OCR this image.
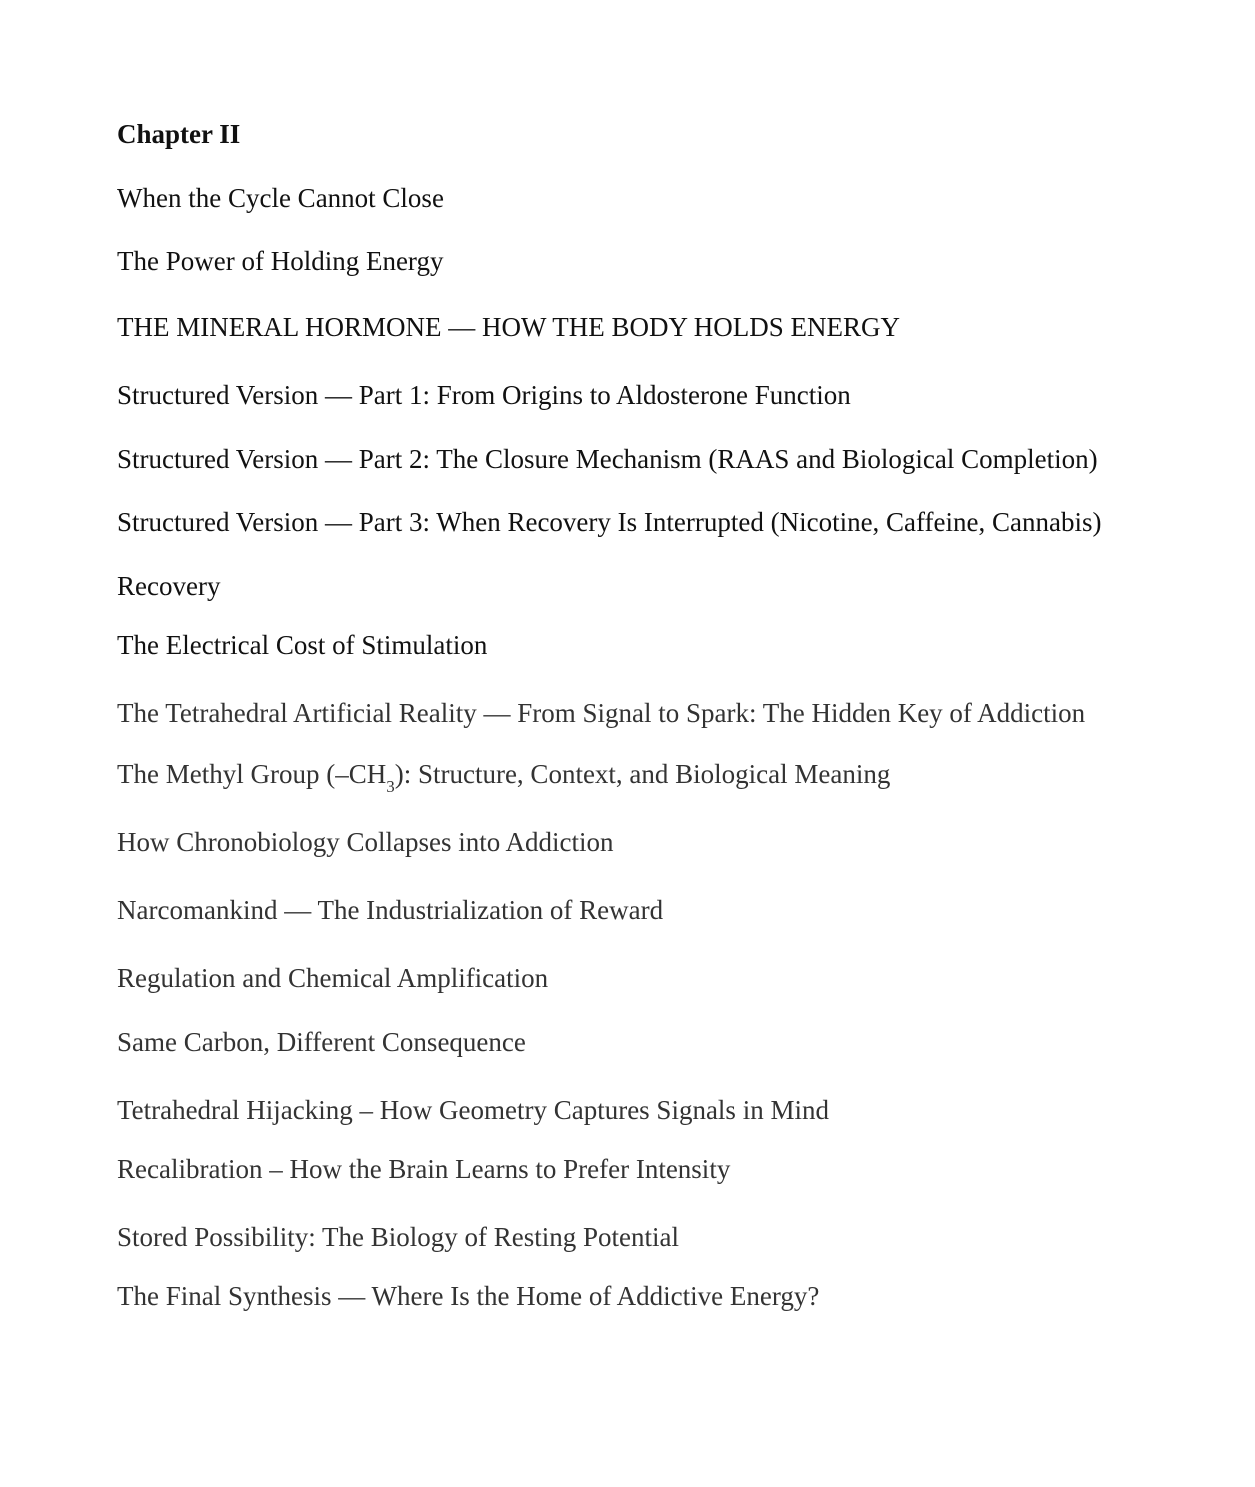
Chapter II

When the Cycle Cannot Close

The Power of Holding Energy

THE MINERAL HORMONE — HOW THE BODY HOLDS ENERGY

Structured Version — Part 1: From Origins to Aldosterone Function

Structured Version — Part 2: The Closure Mechanism (RAAS and Biological Completion)

Structured Version — Part 3: When Recovery Is Interrupted (Nicotine, Caffeine, Cannabis)

Recovery

The Electrical Cost of Stimulation

The Tetrahedral Artificial Reality — From Signal to Spark: The Hidden Key of Addiction

The Methyl Group $(-CH_3)$: Structure, Context, and Biological Meaning

How Chronobiology Collapses into Addiction

Narcomankind — The Industrialization of Reward

Regulation and Chemical Amplification

Same Carbon, Different Consequence

Tetrahedral Hijacking – How Geometry Captures Signals in Mind

Recalibration – How the Brain Learns to Prefer Intensity

Stored Possibility: The Biology of Resting Potential

The Final Synthesis — Where Is the Home of Addictive Energy?
